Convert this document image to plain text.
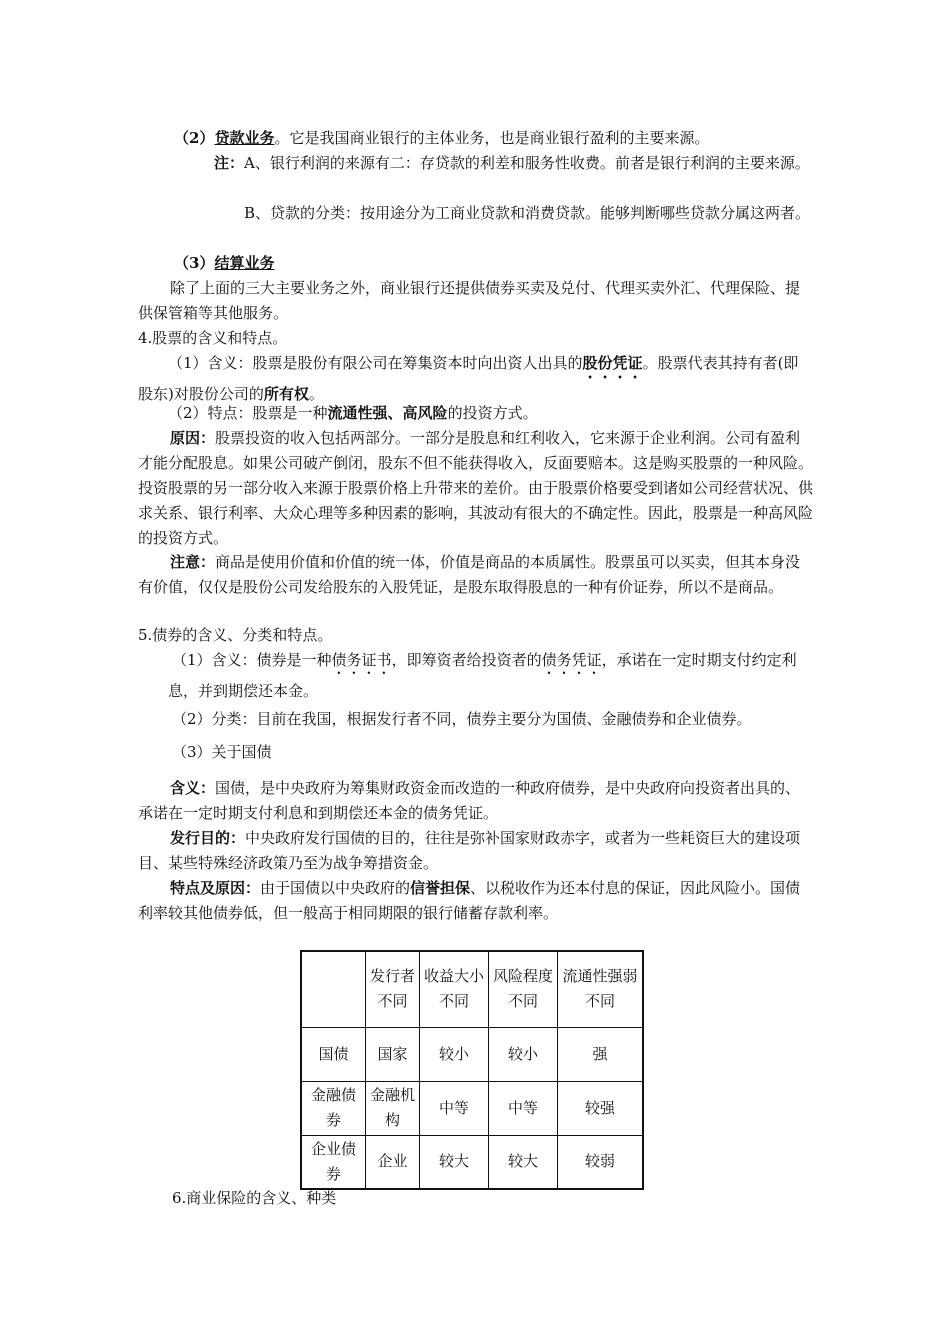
（2）贷款业务。它是我国商业银行的主体业务，也是商业银行盈利的主要来源。

注：A、银行利润的来源有二：存贷款的利差和服务性收费。前者是银行利润的主要来源。

B、贷款的分类：按用途分为工商业贷款和消费贷款。能够判断哪些贷款分属这两者。

（3）结算业务

除了上面的三大主要业务之外，商业银行还提供债券买卖及兑付、代理买卖外汇、代理保险、提供保管箱等其他服务。

4.股票的含义和特点。

（1）含义：股票是股份有限公司在筹集资本时向出资人出具的股份凭证。股票代表其持有者(即股东)对股份公司的所有权。

（2）特点：股票是一种流通性强、高风险的投资方式。

原因：股票投资的收入包括两部分。一部分是股息和红利收入，它来源于企业利润。公司有盈利才能分配股息。如果公司破产倒闭，股东不但不能获得收入，反面要赔本。这是购买股票的一种风险。投资股票的另一部分收入来源于股票价格上升带来的差价。由于股票价格要受到诸如公司经营状况、供求关系、银行利率、大众心理等多种因素的影响，其波动有很大的不确定性。因此，股票是一种高风险的投资方式。

注意：商品是使用价值和价值的统一体，价值是商品的本质属性。股票虽可以买卖，但其本身没有价值，仅仅是股份公司发给股东的入股凭证，是股东取得股息的一种有价证券，所以不是商品。

5.债券的含义、分类和特点。

（1）含义：债券是一种债务证书，即筹资者给投资者的债务凭证，承诺在一定时期支付约定利息，并到期偿还本金。

（2）分类：目前在我国，根据发行者不同，债券主要分为国债、金融债券和企业债券。

（3）关于国债

含义：国债，是中央政府为筹集财政资金而改造的一种政府债券，是中央政府向投资者出具的、承诺在一定时期支付利息和到期偿还本金的债务凭证。

发行目的：中央政府发行国债的目的，往往是弥补国家财政赤字，或者为一些耗资巨大的建设项目、某些特殊经济政策乃至为战争筹措资金。

特点及原因：由于国债以中央政府的信誉担保、以税收作为还本付息的保证，因此风险小。国债利率较其他债券低，但一般高于相同期限的银行储蓄存款利率。

	发行者不同	收益大小不同	风险程度不同	流通性强弱不同
国债	国家	较小	较小	强
金融债券	金融机构	中等	中等	较强
企业债券	企业	较大	较大	较弱

6.商业保险的含义、种类
